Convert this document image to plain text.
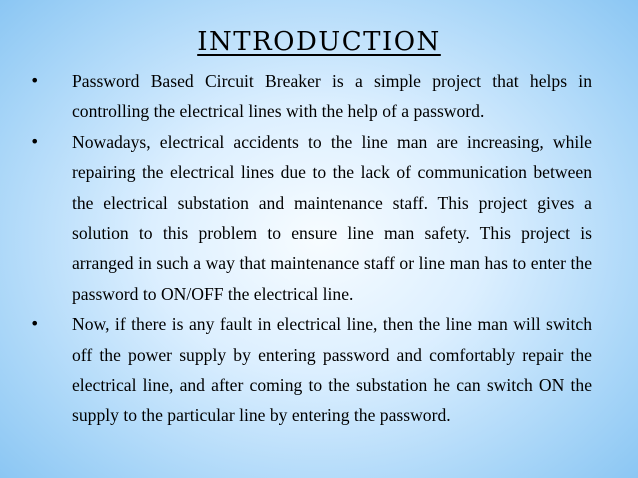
INTRODUCTION
• Password Based Circuit Breaker is a simple project that helps in controlling the electrical lines with the help of a password.
• Nowadays, electrical accidents to the line man are increasing, while repairing the electrical lines due to the lack of communication between the electrical substation and maintenance staff. This project gives a solution to this problem to ensure line man safety. This project is arranged in such a way that maintenance staff or line man has to enter the password to ON/OFF the electrical line.
• Now, if there is any fault in electrical line, then the line man will switch off the power supply by entering password and comfortably repair the electrical line, and after coming to the substation he can switch ON the supply to the particular line by entering the password.
